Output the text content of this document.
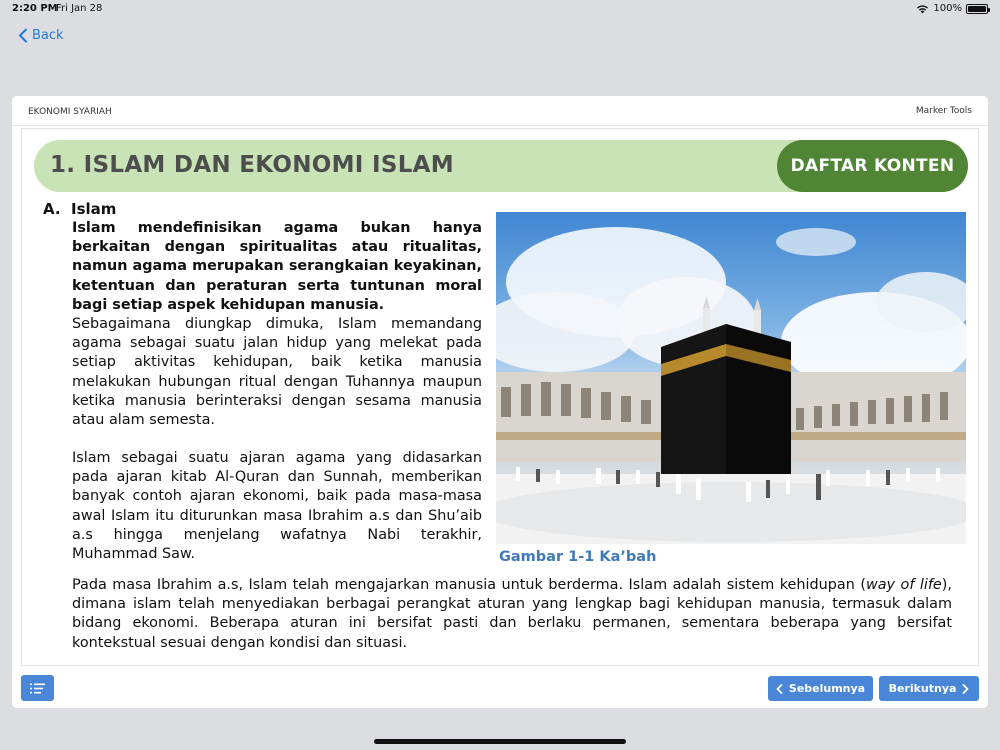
2:20 PM
Fri Jan 28	100%
Back
EKONOMI SYARIAH	Marker Tools
1. ISLAM DAN EKONOMI ISLAM	DAFTAR KONTEN
A. Islam

Islam mendefinisikan agama bukan hanya berkaitan dengan spiritualitas atau ritualitas, namun agama merupakan serangkaian keyakinan, ketentuan dan peraturan serta tuntunan moral bagi setiap aspek kehidupan manusia.

Sebagaimana diungkap dimuka, Islam memandang agama sebagai suatu jalan hidup yang melekat pada setiap aktivitas kehidupan, baik ketika manusia melakukan hubungan ritual dengan Tuhannya maupun ketika manusia berinteraksi dengan sesama manusia atau alam semesta.

Islam sebagai suatu ajaran agama yang didasarkan pada ajaran kitab Al-Quran dan Sunnah, memberikan banyak contoh ajaran ekonomi, baik pada masa-masa awal Islam itu diturunkan masa Ibrahim a.s dan Shu’aib a.s hingga menjelang wafatnya Nabi terakhir, Muhammad Saw.	Gambar 1-1 Ka’bah

Pada masa Ibrahim a.s, Islam telah mengajarkan manusia untuk berderma. Islam adalah sistem kehidupan (way of life), dimana islam telah menyediakan berbagai perangkat aturan yang lengkap bagi kehidupan manusia, termasuk dalam bidang ekonomi. Beberapa aturan ini bersifat pasti dan berlaku permanen, sementara beberapa yang bersifat kontekstual sesuai dengan kondisi dan situasi.

Sebelumnya Berikutnya
